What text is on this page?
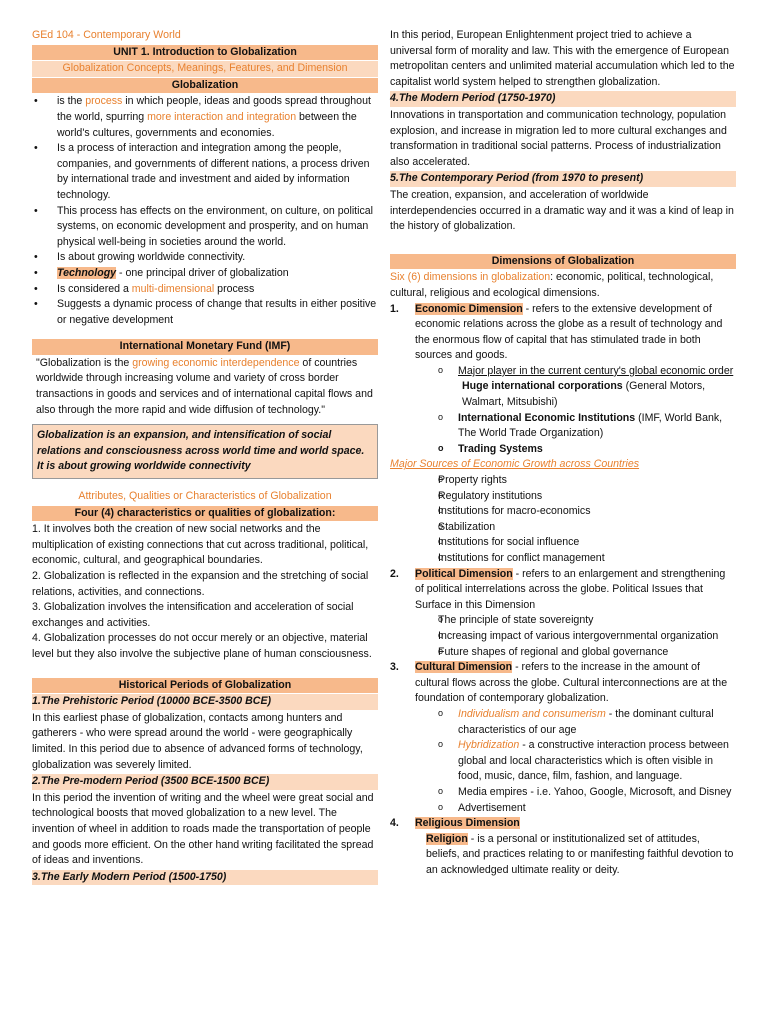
GEd 104 - Contemporary World
UNIT 1. Introduction to Globalization
Globalization Concepts, Meanings, Features, and Dimension
Globalization
• is the process in which people, ideas and goods spread throughout the world, spurring more interaction and integration between the world's cultures, governments and economies.
• Is a process of interaction and integration among the people, companies, and governments of different nations, a process driven by international trade and investment and aided by information technology.
• This process has effects on the environment, on culture, on political systems, on economic development and prosperity, and on human physical well-being in societies around the world.
• Is about growing worldwide connectivity.
• Technology - one principal driver of globalization
• Is considered a multi-dimensional process
• Suggests a dynamic process of change that results in either positive or negative development
International Monetary Fund (IMF)

"Globalization is the growing economic interdependence of countries worldwide through increasing volume and variety of cross border transactions in goods and services and of international capital flows and also through the more rapid and wide diffusion of technology."

Globalization is an expansion, and intensification of social relations and consciousness across world time and world space. It is about growing worldwide connectivity
Attributes, Qualities or Characteristics of Globalization
Four (4) characteristics or qualities of globalization:

1. It involves both the creation of new social networks and the multiplication of existing connections that cut across traditional, political, economic, cultural, and geographical boundaries.

2. Globalization is reflected in the expansion and the stretching of social relations, activities, and connections.

3. Globalization involves the intensification and acceleration of social exchanges and activities.

4. Globalization processes do not occur merely or an objective, material level but they also involve the subjective plane of human consciousness.

Historical Periods of Globalization
1.The Prehistoric Period (10000 BCE-3500 BCE)

In this earliest phase of globalization, contacts among hunters and gatherers - who were spread around the world - were geographically limited. In this period due to absence of advanced forms of technology, globalization was severely limited.

2.The Pre-modern Period (3500 BCE-1500 BCE)

In this period the invention of writing and the wheel were great social and technological boosts that moved globalization to a new level. The invention of wheel in addition to roads made the transportation of people and goods more efficient. On the other hand writing facilitated the spread of ideas and inventions.

3.The Early Modern Period (1500-1750)

In this period, European Enlightenment project tried to achieve a universal form of morality and law. This with the emergence of European metropolitan centers and unlimited material accumulation which led to the capitalist world system helped to strengthen globalization.

4.The Modern Period (1750-1970)

Innovations in transportation and communication technology, population explosion, and increase in migration led to more cultural exchanges and transformation in traditional social patterns. Process of industrialization also accelerated.

5.The Contemporary Period (from 1970 to present)

The creation, expansion, and acceleration of worldwide interdependencies occurred in a dramatic way and it was a kind of leap in the history of globalization.

Dimensions of Globalization

Six (6) dimensions in globalization: economic, political, technological, cultural, religious and ecological dimensions.

1. Economic Dimension - refers to the extensive development of economic relations across the globe as a result of technology and the enormous flow of capital that has stimulated trade in both sources and goods.
o Major player in the current century's global economic order
Huge international corporations (General Motors, Walmart, Mitsubishi)
o International Economic Institutions (IMF, World Bank, The World Trade Organization)
o Trading Systems
Major Sources of Economic Growth across Countries
o Property rights
o Regulatory institutions
o Institutions for macro-economics
o Stabilization
o Institutions for social influence
o Institutions for conflict management
2. Political Dimension - refers to an enlargement and strengthening of political interrelations across the globe. Political Issues that Surface in this Dimension
o The principle of state sovereignty
o Increasing impact of various intergovernmental organization
o Future shapes of regional and global governance
3. Cultural Dimension - refers to the increase in the amount of cultural flows across the globe. Cultural interconnections are at the foundation of contemporary globalization.
o Individualism and consumerism - the dominant cultural characteristics of our age
o Hybridization - a constructive interaction process between global and local characteristics which is often visible in food, music, dance, film, fashion, and language.
o Media empires - i.e. Yahoo, Google, Microsoft, and Disney
o Advertisement
4. Religious Dimension
Religion - is a personal or institutionalized set of attitudes, beliefs, and practices relating to or manifesting faithful devotion to an acknowledged ultimate reality or deity.
